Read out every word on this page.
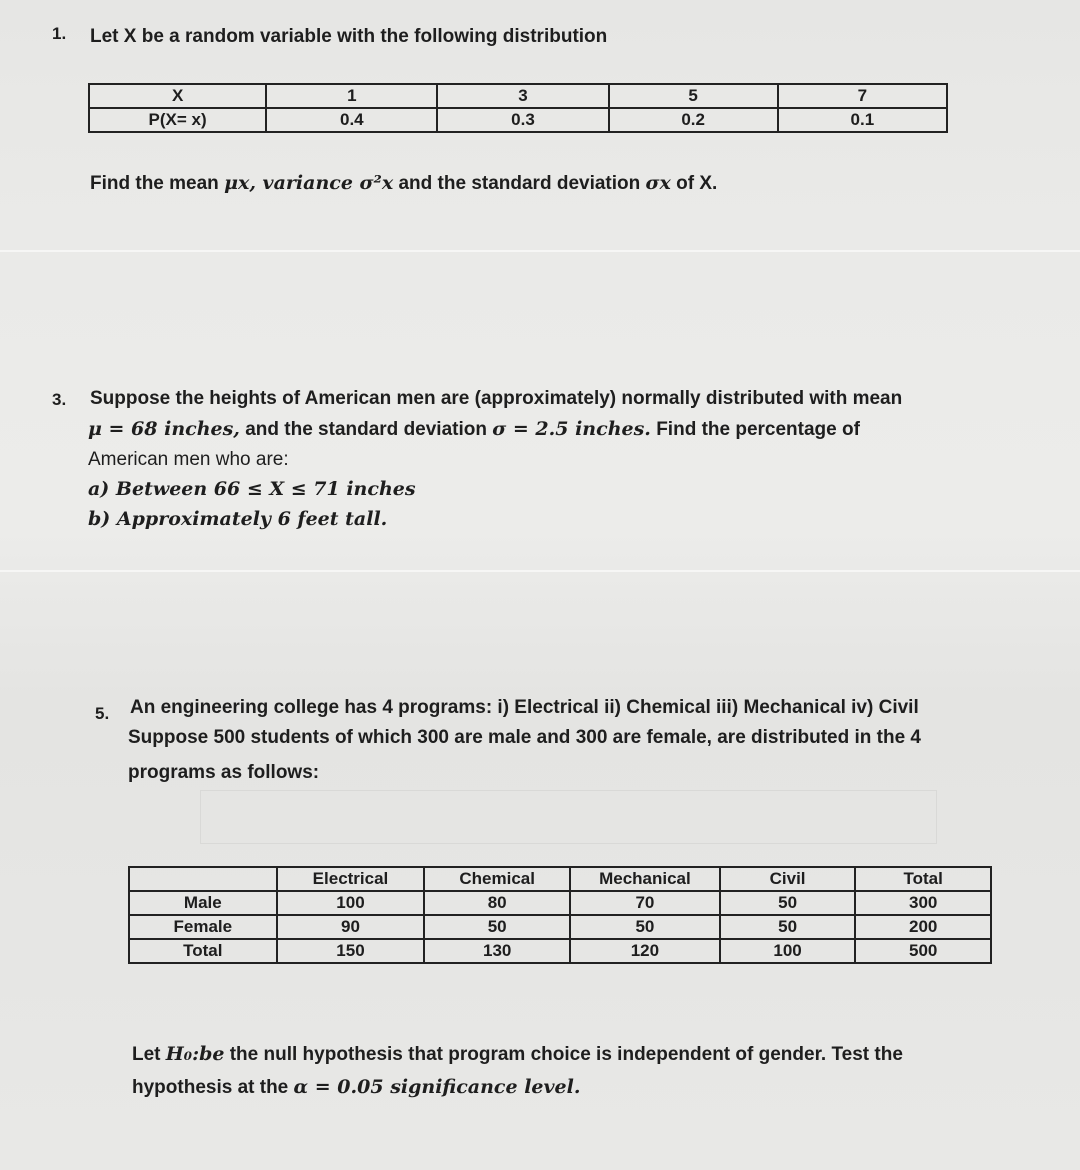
1. Let X be a random variable with the following distribution
X	1	3	5	7
P(X= x)	0.4	0.3	0.2	0.1
Find the mean μx, variance σ²x and the standard deviation σx of X.
3. Suppose the heights of American men are (approximately) normally distributed with mean
μ = 68 inches, and the standard deviation σ = 2.5 inches. Find the percentage of
American men who are:
a) Between 66 ≤ X ≤ 71 inches
b) Approximately 6 feet tall.
5. An engineering college has 4 programs: i) Electrical ii) Chemical iii) Mechanical iv) Civil
Suppose 500 students of which 300 are male and 300 are female, are distributed in the 4
programs as follows:
	Electrical	Chemical	Mechanical	Civil	Total
Male	100	80	70	50	300
Female	90	50	50	50	200
Total	150	130	120	100	500
Let H₀:be the null hypothesis that program choice is independent of gender. Test the
hypothesis at the α = 0.05 significance level.
